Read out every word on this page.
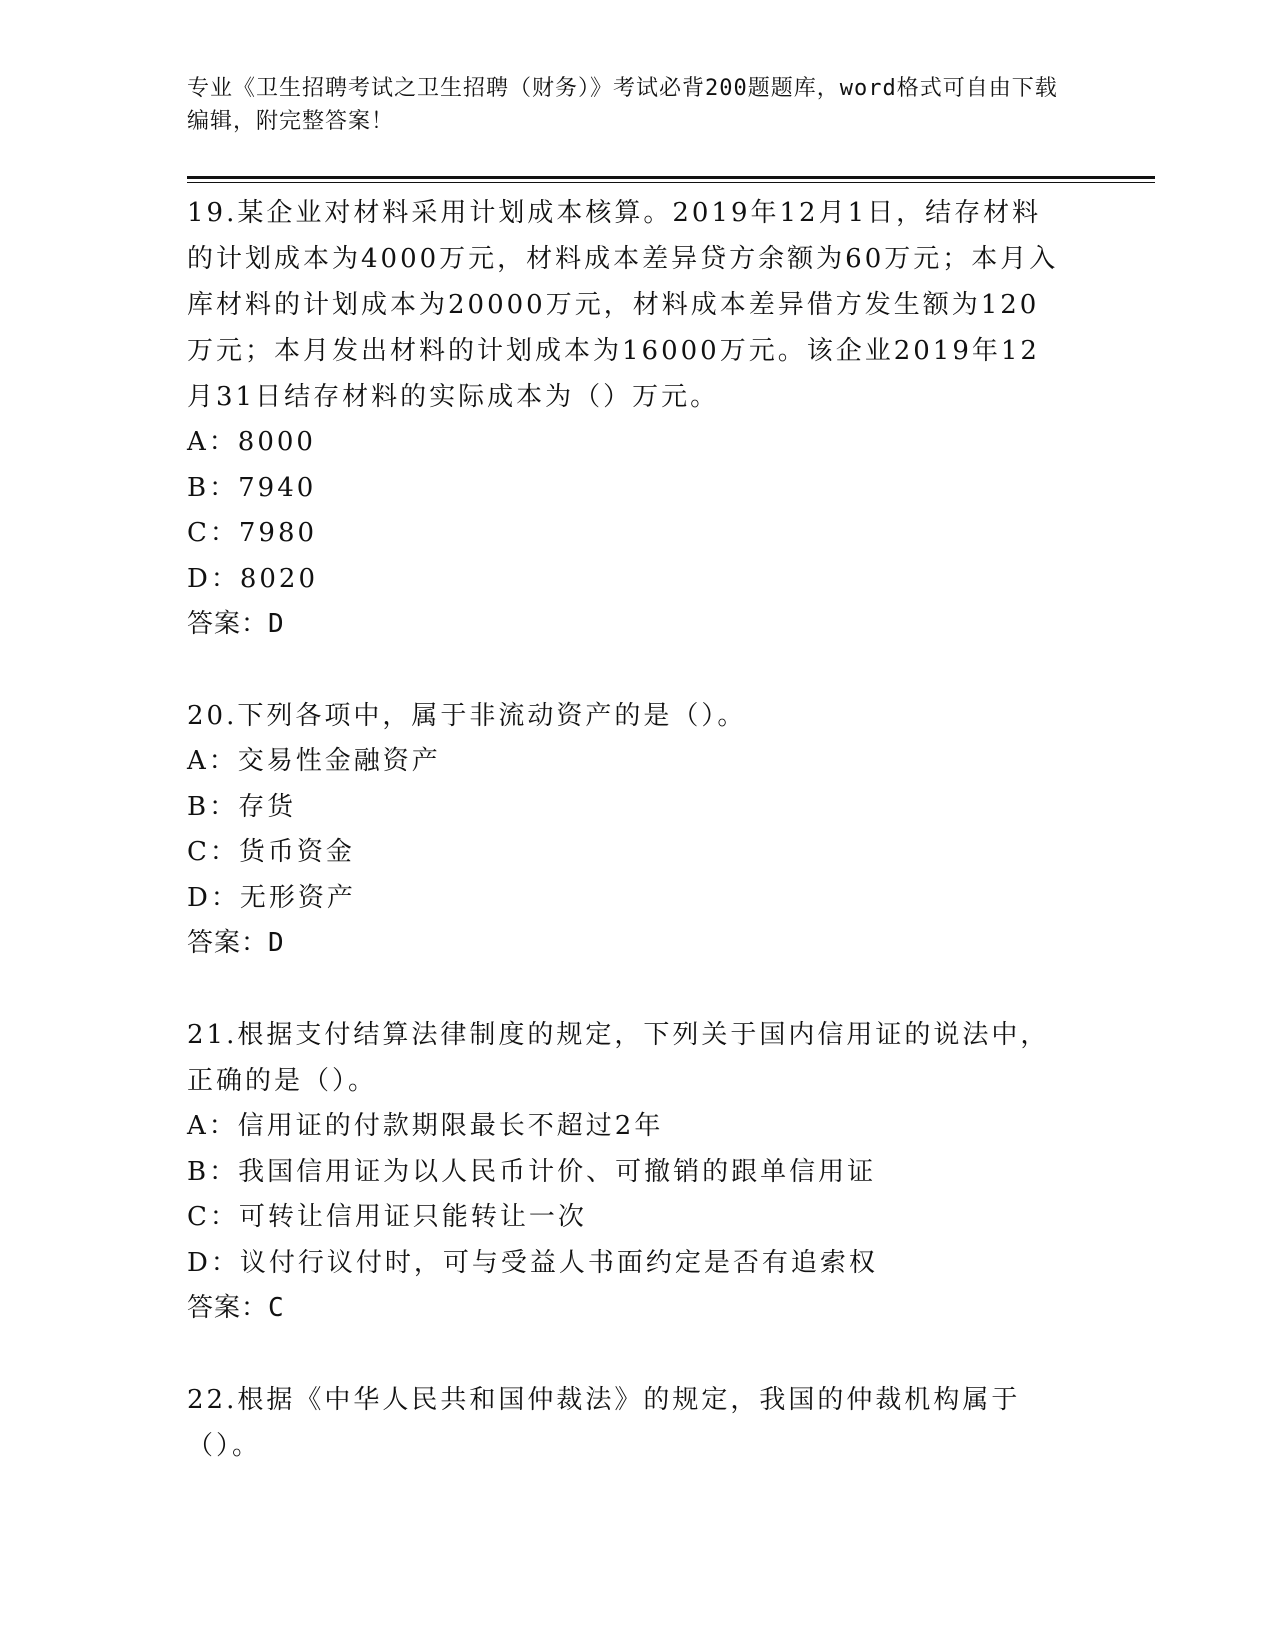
专业《卫生招聘考试之卫生招聘（财务）》考试必背200题题库，word格式可自由下载编辑，附完整答案！

19.某企业对材料采用计划成本核算。2019年12月1日，结存材料的计划成本为4000万元，材料成本差异贷方余额为60万元；本月入库材料的计划成本为20000万元，材料成本差异借方发生额为120万元；本月发出材料的计划成本为16000万元。该企业2019年12月31日结存材料的实际成本为（）万元。

A：8000

B：7940

C：7980

D：8020

答案：D

20.下列各项中，属于非流动资产的是（）。

A：交易性金融资产

B：存货

C：货币资金

D：无形资产

答案：D

21.根据支付结算法律制度的规定，下列关于国内信用证的说法中，正确的是（）。

A：信用证的付款期限最长不超过2年

B：我国信用证为以人民币计价、可撤销的跟单信用证

C：可转让信用证只能转让一次

D：议付行议付时，可与受益人书面约定是否有追索权

答案：C

22.根据《中华人民共和国仲裁法》的规定，我国的仲裁机构属于（）。
